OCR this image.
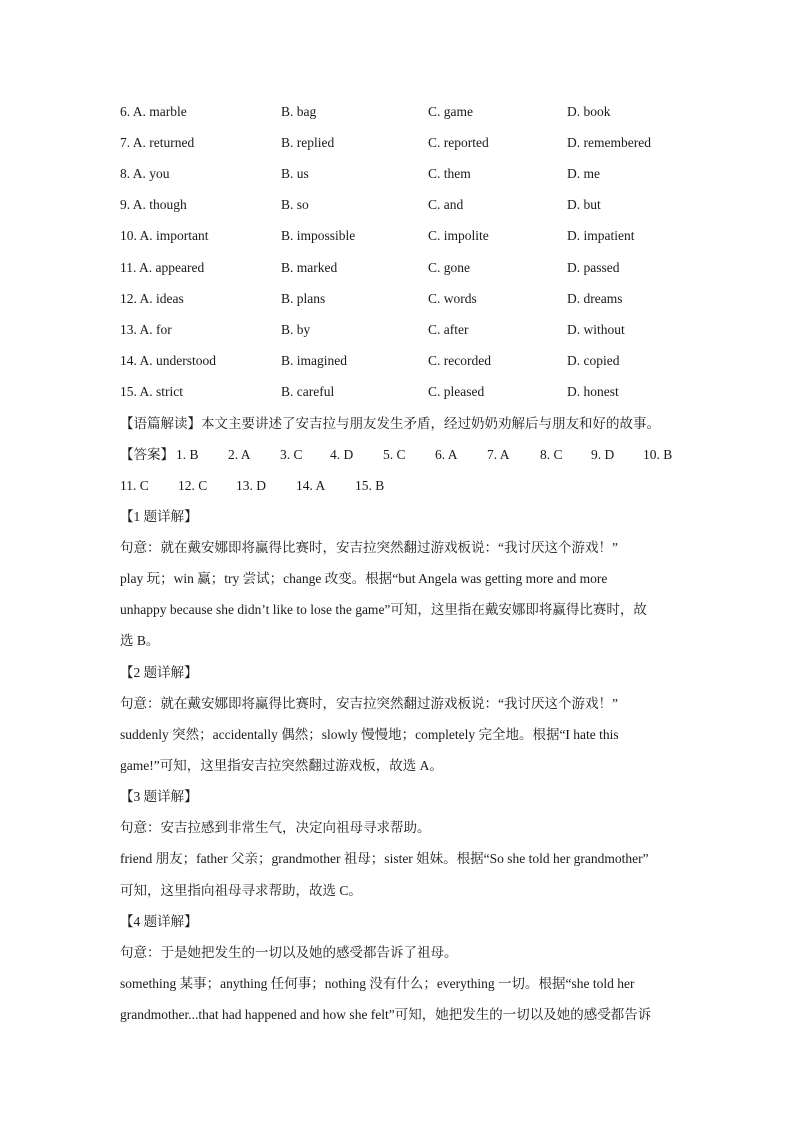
6. A. marble	B. bag	C. game	D. book
7. A. returned	B. replied	C. reported	D. remembered
8. A. you	B. us	C. them	D. me
9. A. though	B. so	C. and	D. but
10. A. important	B. impossible	C. impolite	D. impatient
11. A. appeared	B. marked	C. gone	D. passed
12. A. ideas	B. plans	C. words	D. dreams
13. A. for	B. by	C. after	D. without
14. A. understood	B. imagined	C. recorded	D. copied
15. A. strict	B. careful	C. pleased	D. honest
【语篇解读】本文主要讲述了安吉拉与朋友发生矛盾，经过奶奶劝解后与朋友和好的故事。
【答案】 1. B 2. A 3. C 4. D 5. C 6. A 7. A 8. C 9. D 10. B
11. C 12. C 13. D 14. A 15. B
【1 题详解】
句意：就在戴安娜即将赢得比赛时，安吉拉突然翻过游戏板说：“我讨厌这个游戏！”
play 玩；win 赢；try 尝试；change 改变。根据“but Angela was getting more and more
unhappy because she didn’t like to lose the game”可知，这里指在戴安娜即将赢得比赛时，故
选 B。
【2 题详解】
句意：就在戴安娜即将赢得比赛时，安吉拉突然翻过游戏板说：“我讨厌这个游戏！”
suddenly 突然；accidentally 偶然；slowly 慢慢地；completely 完全地。根据“I hate this
game!”可知，这里指安吉拉突然翻过游戏板，故选 A。
【3 题详解】
句意：安吉拉感到非常生气，决定向祖母寻求帮助。
friend 朋友；father 父亲；grandmother 祖母；sister 姐妹。根据“So she told her grandmother”
可知，这里指向祖母寻求帮助，故选 C。
【4 题详解】
句意：于是她把发生的一切以及她的感受都告诉了祖母。
something 某事；anything 任何事；nothing 没有什么；everything 一切。根据“she told her
grandmother...that had happened and how she felt”可知，她把发生的一切以及她的感受都告诉
